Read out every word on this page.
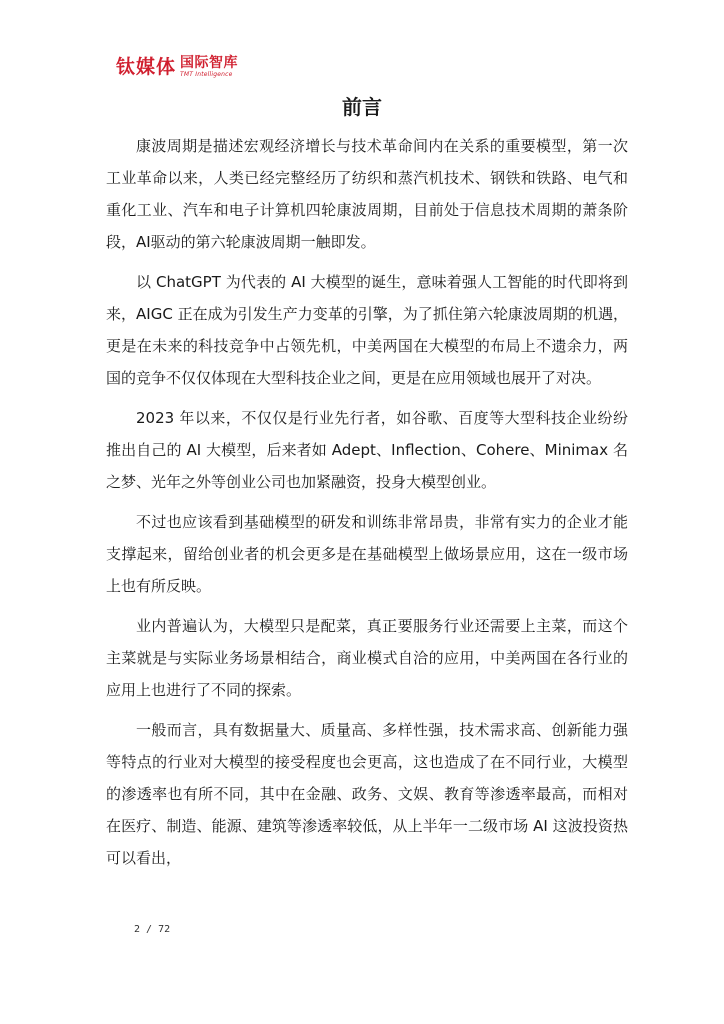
钛媒体 国际智库
TMT Intelligence
前言

康波周期是描述宏观经济增长与技术革命间内在关系的重要模型，第一次工业革命以来，人类已经完整经历了纺织和蒸汽机技术、钢铁和铁路、电气和重化工业、汽车和电子计算机四轮康波周期，目前处于信息技术周期的萧条阶段，AI驱动的第六轮康波周期一触即发。

以 ChatGPT 为代表的 AI 大模型的诞生，意味着强人工智能的时代即将到来，AIGC 正在成为引发生产力变革的引擎，为了抓住第六轮康波周期的机遇，更是在未来的科技竞争中占领先机，中美两国在大模型的布局上不遗余力，两国的竞争不仅仅体现在大型科技企业之间，更是在应用领域也展开了对决。

2023 年以来，不仅仅是行业先行者，如谷歌、百度等大型科技企业纷纷推出自己的 AI 大模型，后来者如 Adept、Inflection、Cohere、Minimax 名之梦、光年之外等创业公司也加紧融资，投身大模型创业。

不过也应该看到基础模型的研发和训练非常昂贵，非常有实力的企业才能支撑起来，留给创业者的机会更多是在基础模型上做场景应用，这在一级市场上也有所反映。

业内普遍认为，大模型只是配菜，真正要服务行业还需要上主菜，而这个主菜就是与实际业务场景相结合，商业模式自洽的应用，中美两国在各行业的应用上也进行了不同的探索。

一般而言，具有数据量大、质量高、多样性强，技术需求高、创新能力强等特点的行业对大模型的接受程度也会更高，这也造成了在不同行业，大模型的渗透率也有所不同，其中在金融、政务、文娱、教育等渗透率最高，而相对在医疗、制造、能源、建筑等渗透率较低，从上半年一二级市场 AI 这波投资热可以看出，

2 / 72
